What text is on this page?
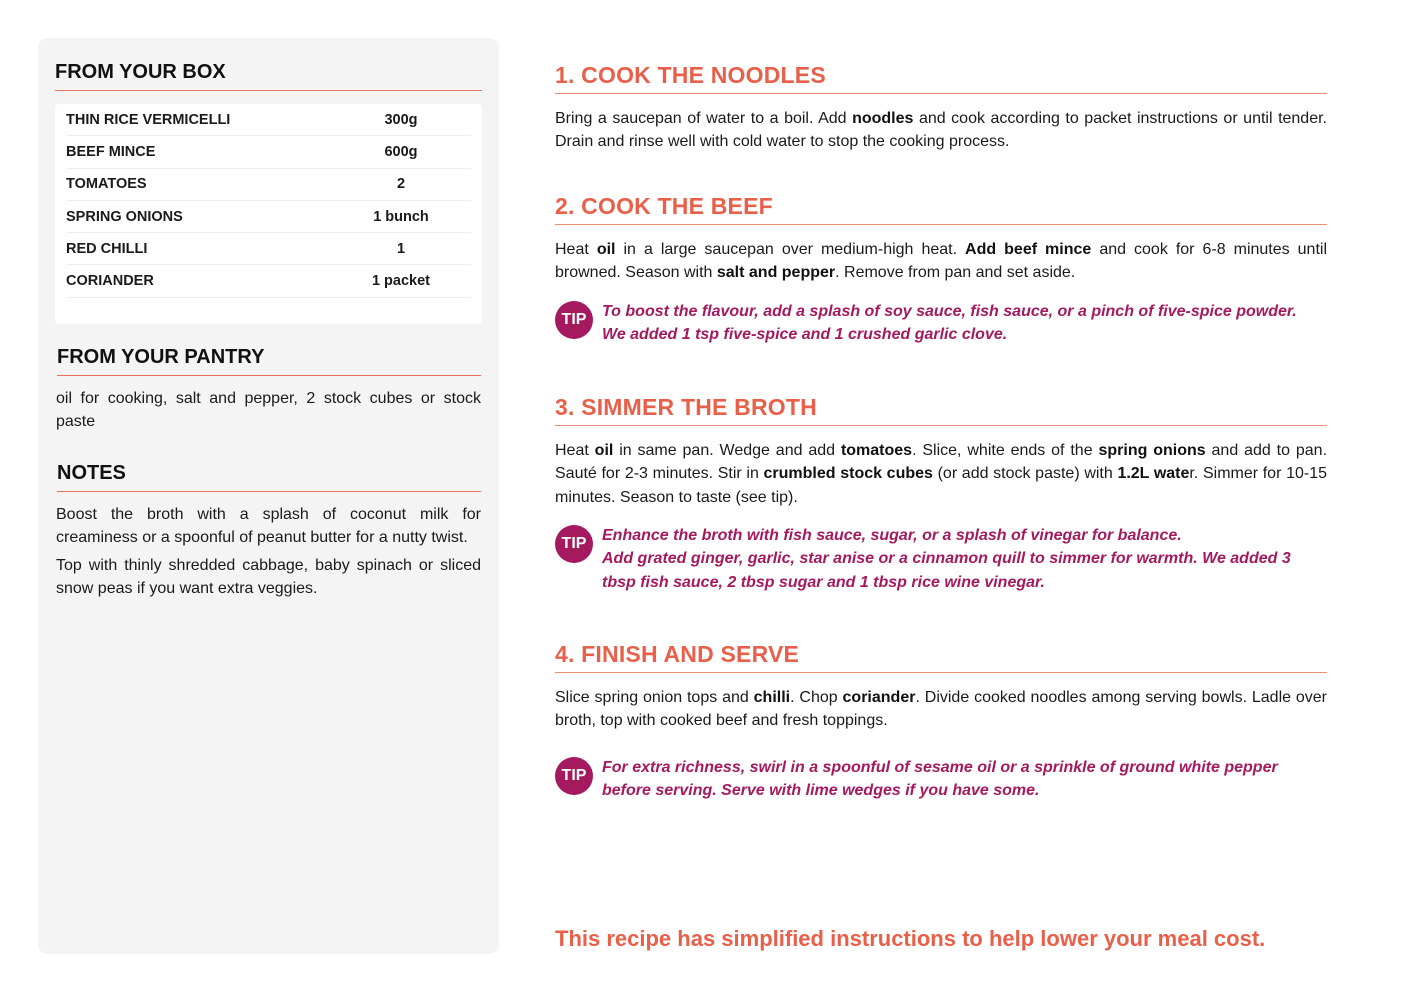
FROM YOUR BOX
THIN RICE VERMICELLI	300g
BEEF MINCE	600g
TOMATOES	2
SPRING ONIONS	1 bunch
RED CHILLI	1
CORIANDER	1 packet
FROM YOUR PANTRY

oil for cooking, salt and pepper, 2 stock cubes or stock paste

NOTES

Boost the broth with a splash of coconut milk for creaminess or a spoonful of peanut butter for a nutty twist.

Top with thinly shredded cabbage, baby spinach or sliced snow peas if you want extra veggies.

1. COOK THE NOODLES
Bring a saucepan of water to a boil. Add noodles and cook according to packet instructions or until tender. Drain and rinse well with cold water to stop the cooking process.
2. COOK THE BEEF
Heat oil in a large saucepan over medium-high heat. Add beef mince and cook for 6-8 minutes until browned. Season with salt and pepper. Remove from pan and set aside.
TIP To boost the flavour, add a splash of soy sauce, fish sauce, or a pinch of five-spice powder. We added 1 tsp five-spice and 1 crushed garlic clove.
3. SIMMER THE BROTH
Heat oil in same pan. Wedge and add tomatoes. Slice, white ends of the spring onions and add to pan. Sauté for 2-3 minutes. Stir in crumbled stock cubes (or add stock paste) with 1.2L water. Simmer for 10-15 minutes. Season to taste (see tip).
TIP Enhance the broth with fish sauce, sugar, or a splash of vinegar for balance.
Add grated ginger, garlic, star anise or a cinnamon quill to simmer for warmth. We added 3 tbsp fish sauce, 2 tbsp sugar and 1 tbsp rice wine vinegar.
4. FINISH AND SERVE
Slice spring onion tops and chilli. Chop coriander. Divide cooked noodles among serving bowls. Ladle over broth, top with cooked beef and fresh toppings.
TIP For extra richness, swirl in a spoonful of sesame oil or a sprinkle of ground white pepper before serving. Serve with lime wedges if you have some.
This recipe has simplified instructions to help lower your meal cost.
